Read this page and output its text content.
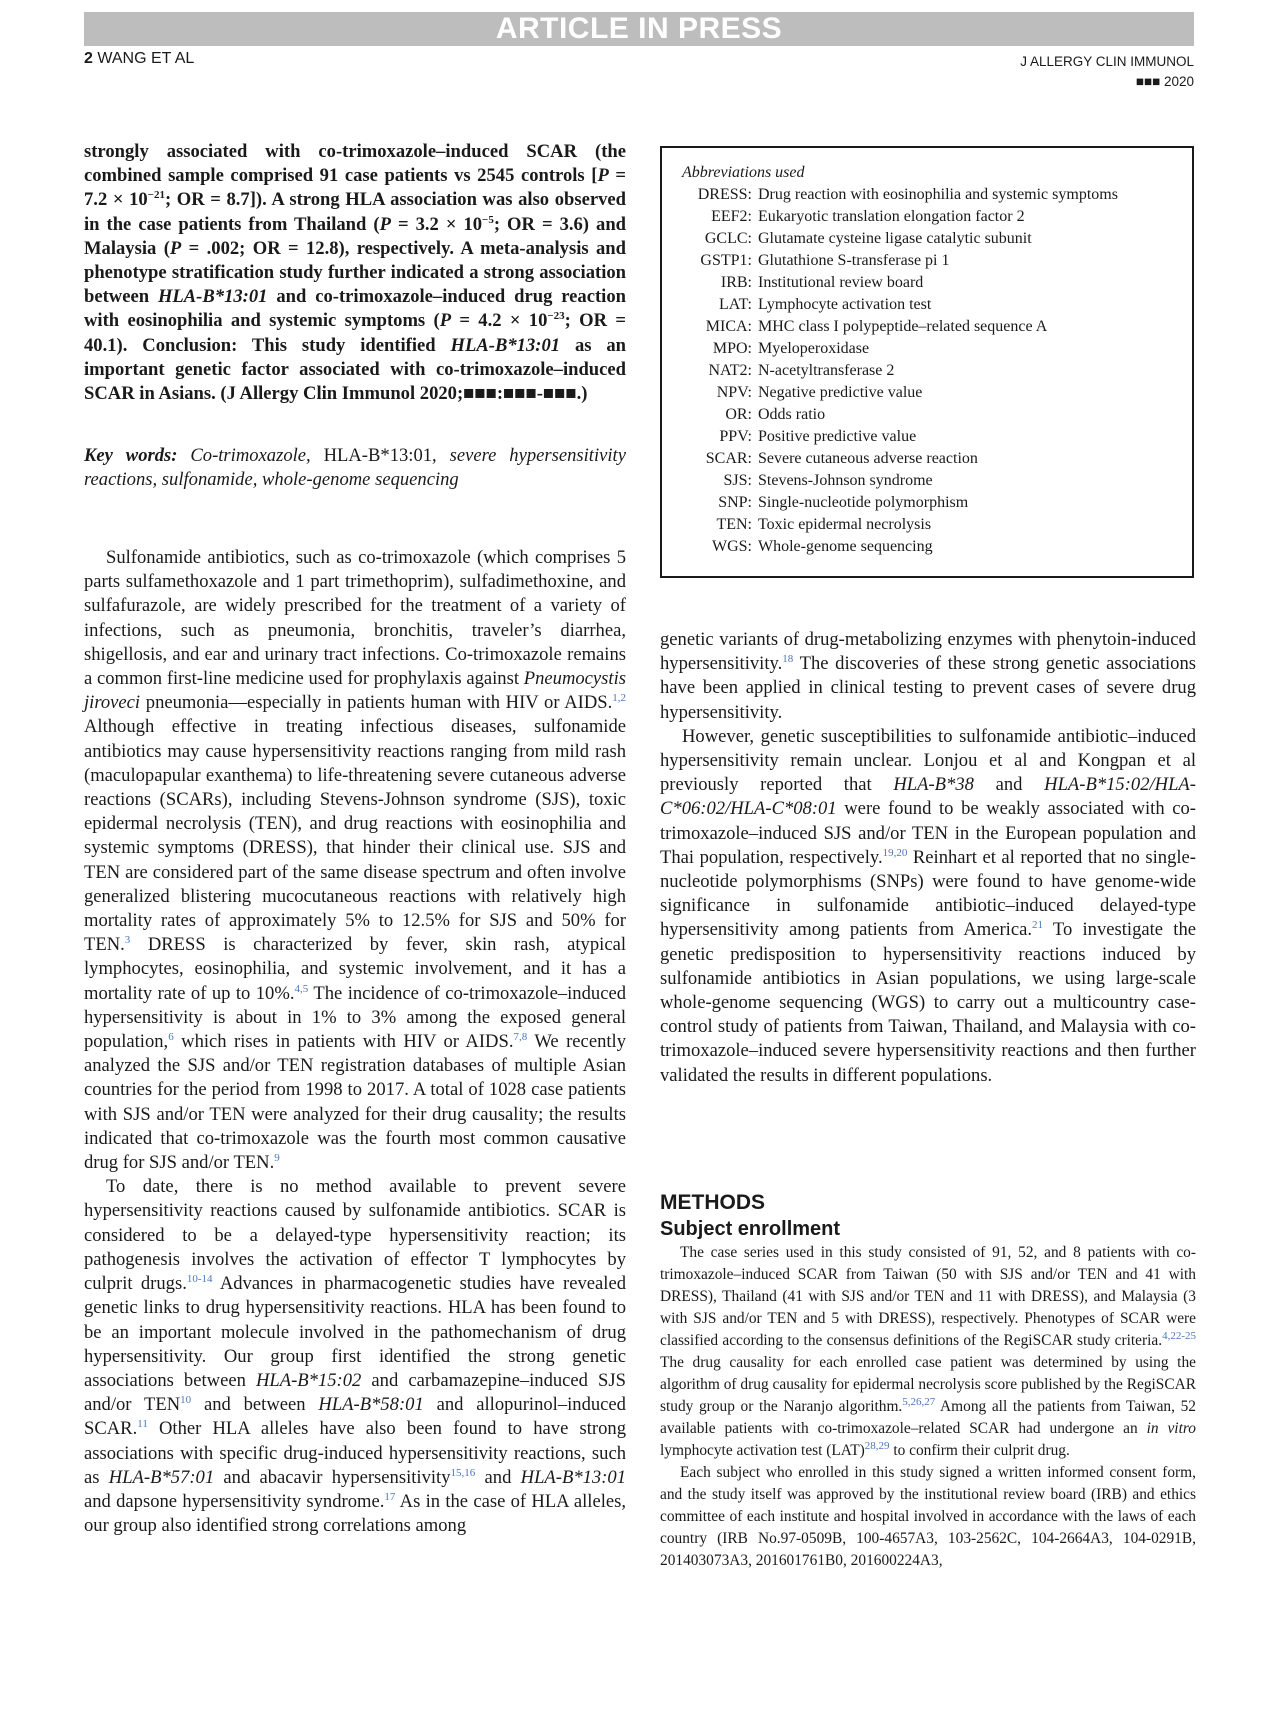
ARTICLE IN PRESS
2 WANG ET AL	J ALLERGY CLIN IMMUNOL
■■■ 2020
strongly associated with co-trimoxazole–induced SCAR (the combined sample comprised 91 case patients vs 2545 controls [$P = 7.2 \times 10^{-21}$; OR = 8.7]). A strong HLA association was also observed in the case patients from Thailand ($P = 3.2 \times 10^{-5}$; OR = 3.6) and Malaysia (P = .002; OR = 12.8), respectively. A meta-analysis and phenotype stratification study further indicated a strong association between HLA-B*13:01 and co-trimoxazole–induced drug reaction with eosinophilia and systemic symptoms ($P = 4.2 \times 10^{-23}$; OR = 40.1). Conclusion: This study identified HLA-B*13:01 as an important genetic factor associated with co-trimoxazole–induced SCAR in Asians. (J Allergy Clin Immunol 2020;■■■:■■■-■■■.)
Key words: Co-trimoxazole, HLA-B*13:01, severe hypersensitivity reactions, sulfonamide, whole-genome sequencing

Sulfonamide antibiotics, such as co-trimoxazole (which comprises 5 parts sulfamethoxazole and 1 part trimethoprim), sulfadimethoxine, and sulfafurazole, are widely prescribed for the treatment of a variety of infections, such as pneumonia, bronchitis, traveler’s diarrhea, shigellosis, and ear and urinary tract infections. Co-trimoxazole remains a common first-line medicine used for prophylaxis against Pneumocystis jiroveci pneumonia—especially in patients human with HIV or AIDS.$^{1,2}$ Although effective in treating infectious diseases, sulfonamide antibiotics may cause hypersensitivity reactions ranging from mild rash (maculopapular exanthema) to life-threatening severe cutaneous adverse reactions (SCARs), including Stevens-Johnson syndrome (SJS), toxic epidermal necrolysis (TEN), and drug reactions with eosinophilia and systemic symptoms (DRESS), that hinder their clinical use. SJS and TEN are considered part of the same disease spectrum and often involve generalized blistering mucocutaneous reactions with relatively high mortality rates of approximately 5% to 12.5% for SJS and 50% for TEN.$^3$ DRESS is characterized by fever, skin rash, atypical lymphocytes, eosinophilia, and systemic involvement, and it has a mortality rate of up to 10%.$^{4,5}$ The incidence of co-trimoxazole–induced hypersensitivity is about in 1% to 3% among the exposed general population,$^6$ which rises in patients with HIV or AIDS.$^{7,8}$ We recently analyzed the SJS and/or TEN registration databases of multiple Asian countries for the period from 1998 to 2017. A total of 1028 case patients with SJS and/or TEN were analyzed for their drug causality; the results indicated that co-trimoxazole was the fourth most common causative drug for SJS and/or TEN.$^9$

To date, there is no method available to prevent severe hypersensitivity reactions caused by sulfonamide antibiotics. SCAR is considered to be a delayed-type hypersensitivity reaction; its pathogenesis involves the activation of effector T lymphocytes by culprit drugs.$^{10-14}$ Advances in pharmacogenetic studies have revealed genetic links to drug hypersensitivity reactions. HLA has been found to be an important molecule involved in the pathomechanism of drug hypersensitivity. Our group first identified the strong genetic associations between HLA-B*15:02 and carbamazepine–induced SJS and/or TEN$^{10}$ and between HLA-B*58:01 and allopurinol–induced SCAR.$^{11}$ Other HLA alleles have also been found to have strong associations with specific drug-induced hypersensitivity reactions, such as HLA-B*57:01 and abacavir hypersensitivity$^{15,16}$ and HLA-B*13:01 and dapsone hypersensitivity syndrome.$^{17}$ As in the case of HLA alleles, our group also identified strong correlations among

Abbreviations used
DRESS: Drug reaction with eosinophilia and systemic symptoms
EEF2: Eukaryotic translation elongation factor 2
GCLC: Glutamate cysteine ligase catalytic subunit
GSTP1: Glutathione S-transferase pi 1
IRB: Institutional review board
LAT: Lymphocyte activation test
MICA: MHC class I polypeptide–related sequence A
MPO: Myeloperoxidase
NAT2: N-acetyltransferase 2
NPV: Negative predictive value
OR: Odds ratio
PPV: Positive predictive value
SCAR: Severe cutaneous adverse reaction
SJS: Stevens-Johnson syndrome
SNP: Single-nucleotide polymorphism
TEN: Toxic epidermal necrolysis
WGS: Whole-genome sequencing

genetic variants of drug-metabolizing enzymes with phenytoin-induced hypersensitivity.$^{18}$ The discoveries of these strong genetic associations have been applied in clinical testing to prevent cases of severe drug hypersensitivity.

However, genetic susceptibilities to sulfonamide antibiotic–induced hypersensitivity remain unclear. Lonjou et al and Kongpan et al previously reported that HLA-B*38 and HLA-B*15:02/HLA-C*06:02/HLA-C*08:01 were found to be weakly associated with co-trimoxazole–induced SJS and/or TEN in the European population and Thai population, respectively.$^{19,20}$ Reinhart et al reported that no single-nucleotide polymorphisms (SNPs) were found to have genome-wide significance in sulfonamide antibiotic–induced delayed-type hypersensitivity among patients from America.$^{21}$ To investigate the genetic predisposition to hypersensitivity reactions induced by sulfonamide antibiotics in Asian populations, we using large-scale whole-genome sequencing (WGS) to carry out a multicountry case-control study of patients from Taiwan, Thailand, and Malaysia with co-trimoxazole–induced severe hypersensitivity reactions and then further validated the results in different populations.

METHODS
Subject enrollment

The case series used in this study consisted of 91, 52, and 8 patients with co-trimoxazole–induced SCAR from Taiwan (50 with SJS and/or TEN and 41 with DRESS), Thailand (41 with SJS and/or TEN and 11 with DRESS), and Malaysia (3 with SJS and/or TEN and 5 with DRESS), respectively. Phenotypes of SCAR were classified according to the consensus definitions of the RegiSCAR study criteria.$^{4,22-25}$ The drug causality for each enrolled case patient was determined by using the algorithm of drug causality for epidermal necrolysis score published by the RegiSCAR study group or the Naranjo algorithm.$^{5,26,27}$ Among all the patients from Taiwan, 52 available patients with co-trimoxazole–related SCAR had undergone an in vitro lymphocyte activation test (LAT)$^{28,29}$ to confirm their culprit drug.

Each subject who enrolled in this study signed a written informed consent form, and the study itself was approved by the institutional review board (IRB) and ethics committee of each institute and hospital involved in accordance with the laws of each country (IRB No.97-0509B, 100-4657A3, 103-2562C, 104-2664A3, 104-0291B, 201403073A3, 201601761B0, 201600224A3,
